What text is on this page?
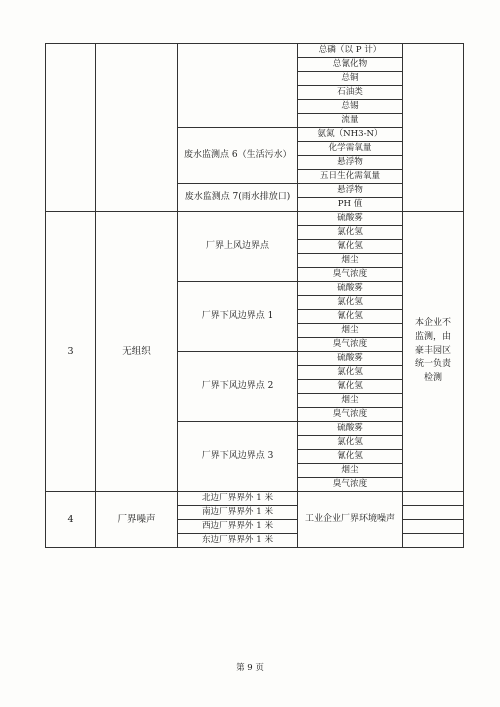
			总磷（以 P 计）	
			总氰化物	
			总铜	
			石油类	
			总锡	
			流量	
		废水监测点 6（生活污水）	氨氮（NH3-N）	
			化学需氧量	
			悬浮物	
			五日生化需氧量	
		废水监测点 7(雨水排放口)	悬浮物	
			PH 值	
3	无组织	厂界上风边界点	硫酸雾	本企业不监测，由豪丰园区统一负责检测
			氯化氢	
			氰化氢	
			烟尘	
			臭气浓度	
		厂界下风边界点 1	硫酸雾	
			氯化氢	
			氰化氢	
			烟尘	
			臭气浓度	
		厂界下风边界点 2	硫酸雾	
			氯化氢	
			氰化氢	
			烟尘	
			臭气浓度	
		厂界下风边界点 3	硫酸雾	
			氯化氢	
			氰化氢	
			烟尘	
			臭气浓度	
4	厂界噪声	北边厂界界外 1 米	工业企业厂界环境噪声	
		南边厂界界外 1 米		
		西边厂界界外 1 米		
		东边厂界界外 1 米		
第 9 页
